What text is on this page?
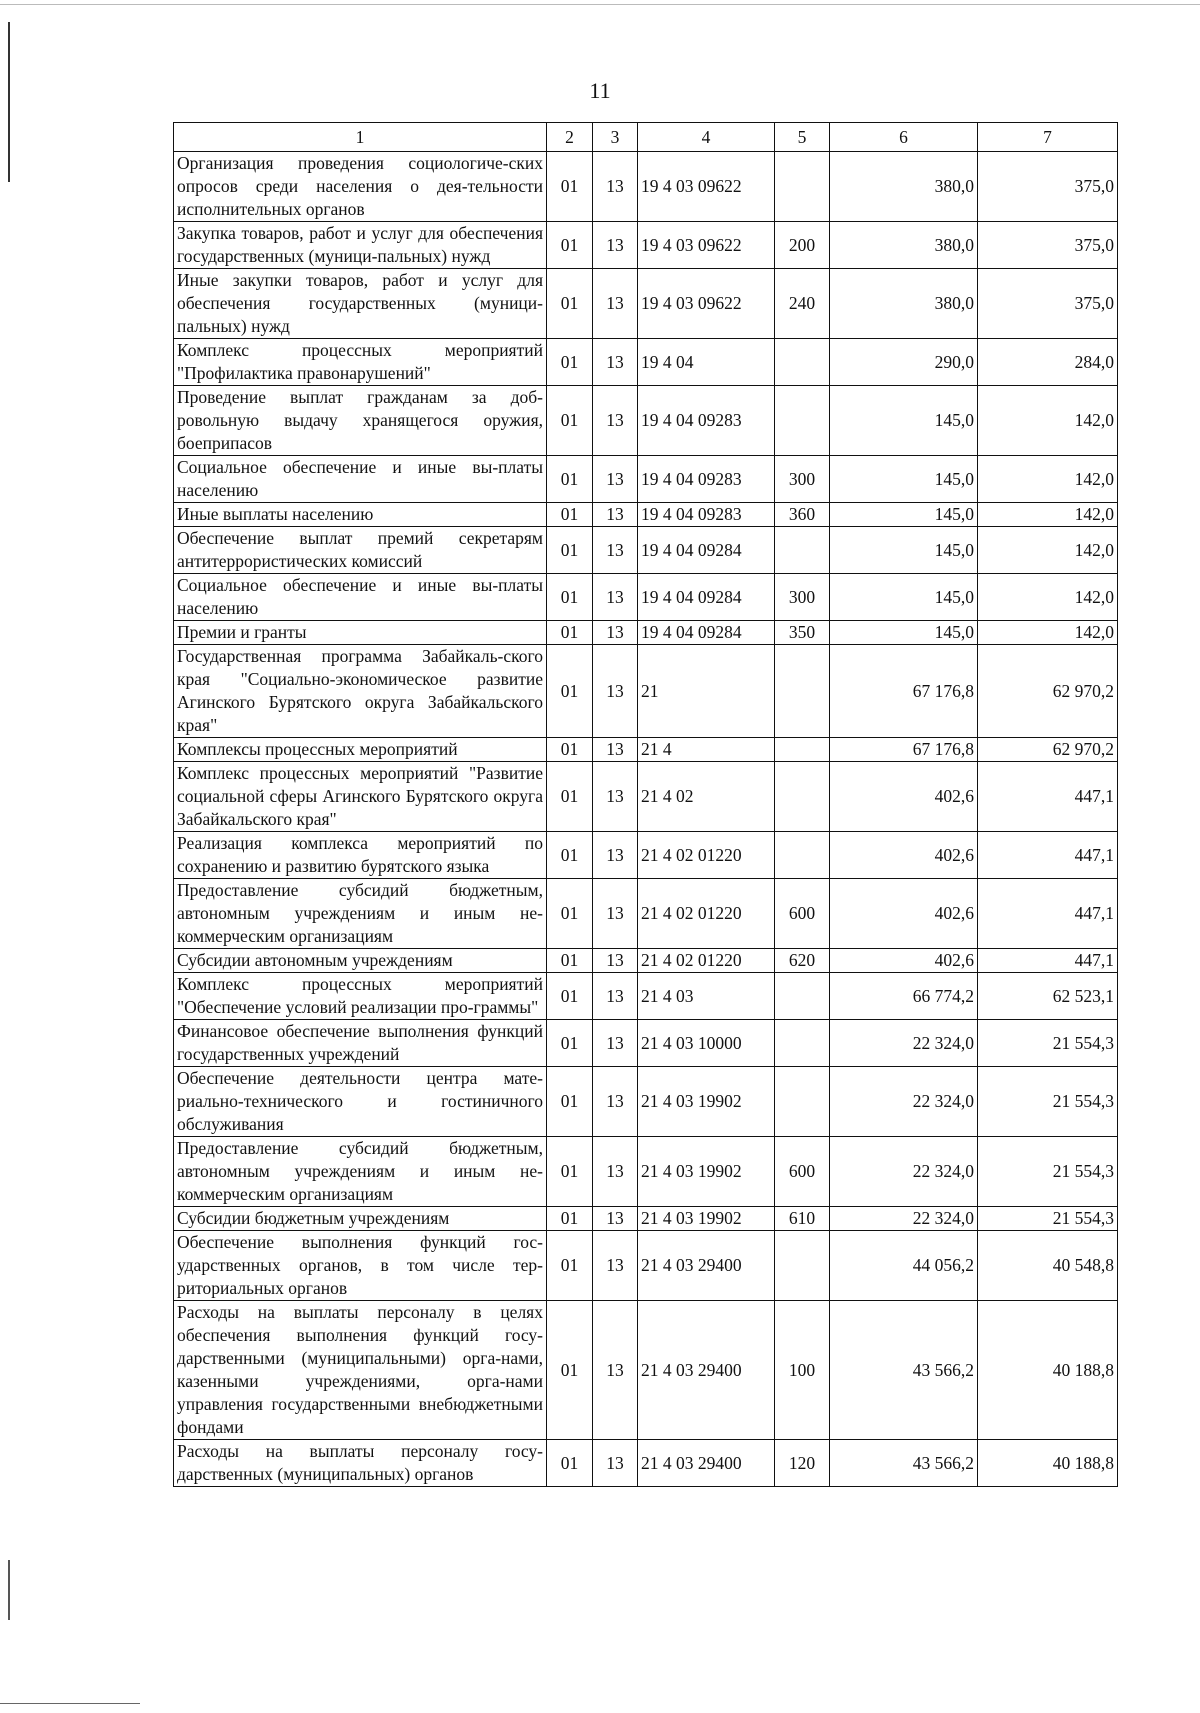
11
1	2	3	4	5	6	7
Организация проведения социологиче-ских опросов среди населения о дея-тельности исполнительных органов	01	13	19 4 03 09622		380,0	375,0
Закупка товаров, работ и услуг для обеспечения государственных (муници-пальных) нужд	01	13	19 4 03 09622	200	380,0	375,0
Иные закупки товаров, работ и услуг для обеспечения государственных (муници-пальных) нужд	01	13	19 4 03 09622	240	380,0	375,0
Комплекс процессных мероприятий "Профилактика правонарушений"	01	13	19 4 04		290,0	284,0
Проведение выплат гражданам за доб-ровольную выдачу хранящегося оружия, боеприпасов	01	13	19 4 04 09283		145,0	142,0
Социальное обеспечение и иные вы-платы населению	01	13	19 4 04 09283	300	145,0	142,0
Иные выплаты населению	01	13	19 4 04 09283	360	145,0	142,0
Обеспечение выплат премий секретарям антитеррористических комиссий	01	13	19 4 04 09284		145,0	142,0
Социальное обеспечение и иные вы-платы населению	01	13	19 4 04 09284	300	145,0	142,0
Премии и гранты	01	13	19 4 04 09284	350	145,0	142,0
Государственная программа Забайкаль-ского края "Социально-экономическое развитие Агинского Бурятского округа Забайкальского края"	01	13	21		67 176,8	62 970,2
Комплексы процессных мероприятий	01	13	21 4		67 176,8	62 970,2
Комплекс процессных мероприятий "Развитие социальной сферы Агинского Бурятского округа Забайкальского края"	01	13	21 4 02		402,6	447,1
Реализация комплекса мероприятий по сохранению и развитию бурятского языка	01	13	21 4 02 01220		402,6	447,1
Предоставление субсидий бюджетным, автономным учреждениям и иным не-коммерческим организациям	01	13	21 4 02 01220	600	402,6	447,1
Субсидии автономным учреждениям	01	13	21 4 02 01220	620	402,6	447,1
Комплекс процессных мероприятий "Обеспечение условий реализации про-граммы"	01	13	21 4 03		66 774,2	62 523,1
Финансовое обеспечение выполнения функций государственных учреждений	01	13	21 4 03 10000		22 324,0	21 554,3
Обеспечение деятельности центра мате-риально-технического и гостиничного обслуживания	01	13	21 4 03 19902		22 324,0	21 554,3
Предоставление субсидий бюджетным, автономным учреждениям и иным не-коммерческим организациям	01	13	21 4 03 19902	600	22 324,0	21 554,3
Субсидии бюджетным учреждениям	01	13	21 4 03 19902	610	22 324,0	21 554,3
Обеспечение выполнения функций гос-ударственных органов, в том числе тер-риториальных органов	01	13	21 4 03 29400		44 056,2	40 548,8
Расходы на выплаты персоналу в целях обеспечения выполнения функций госу-дарственными (муниципальными) орга-нами, казенными учреждениями, орга-нами управления государственными внебюджетными фондами	01	13	21 4 03 29400	100	43 566,2	40 188,8
Расходы на выплаты персоналу госу-дарственных (муниципальных) органов	01	13	21 4 03 29400	120	43 566,2	40 188,8
